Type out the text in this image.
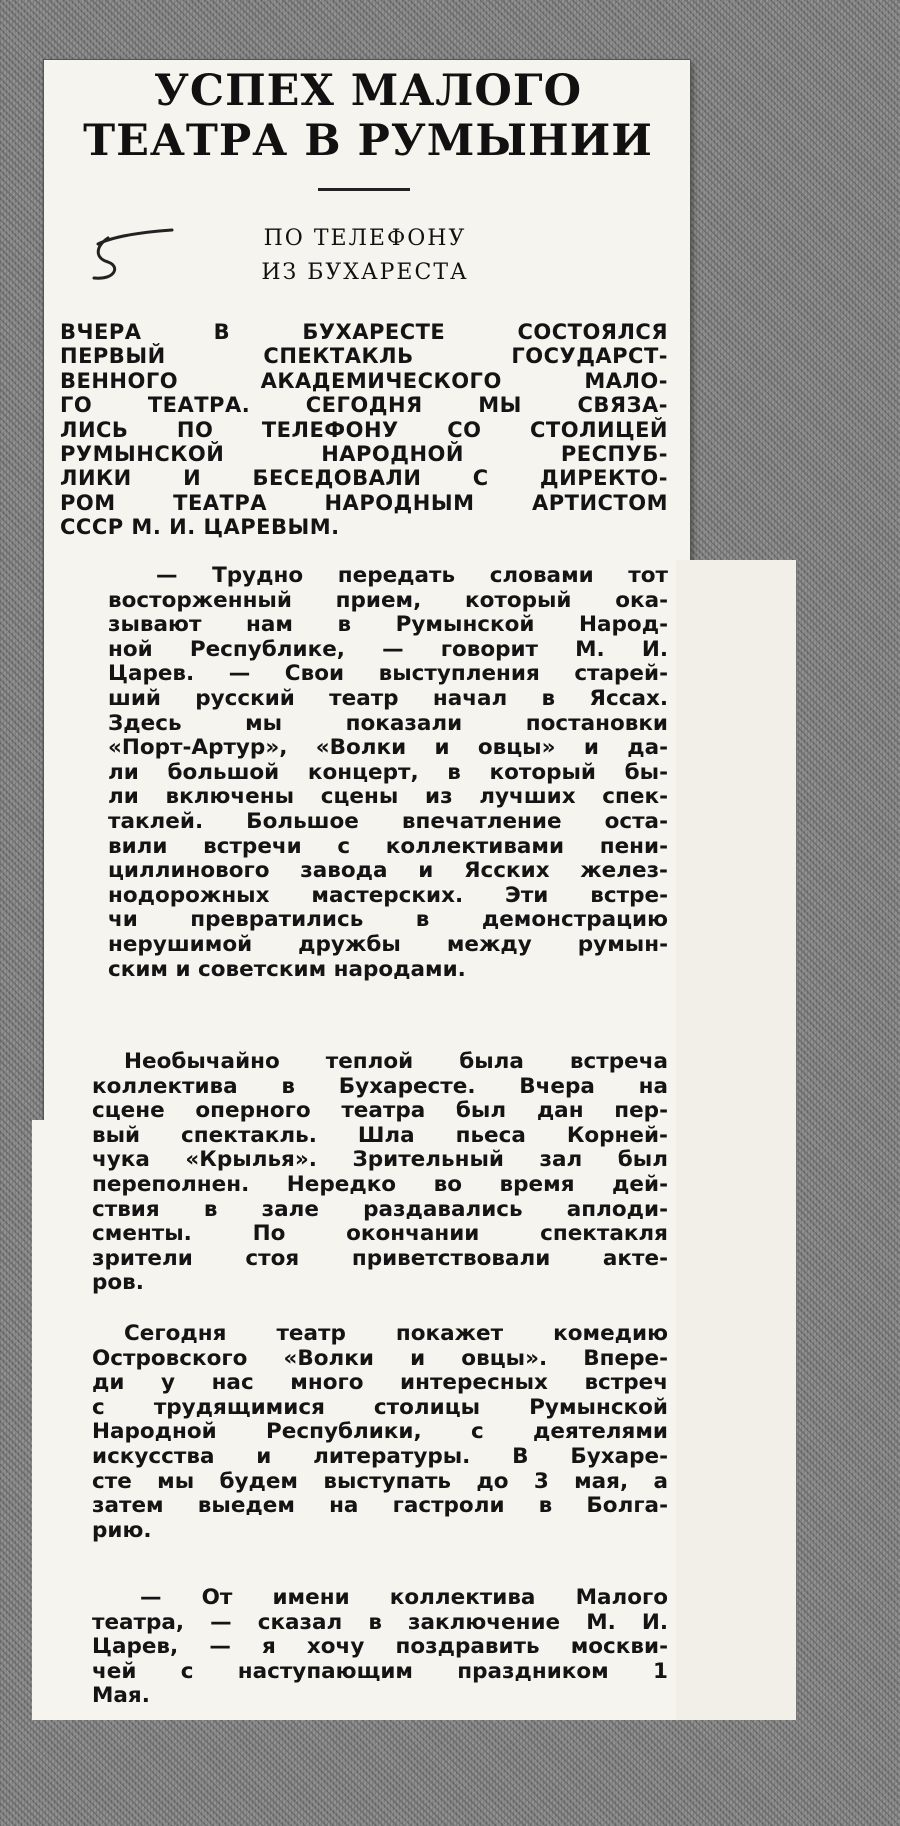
УСПЕХ МАЛОГО
ТЕАТРА В РУМЫНИИ
ПО ТЕЛЕФОНУ
ИЗ БУХАРЕСТА
ВЧЕРА В БУХАРЕСТЕ СОСТОЯЛСЯ
ПЕРВЫЙ СПЕКТАКЛЬ ГОСУДАРСТ-
ВЕННОГО АКАДЕМИЧЕСКОГО МАЛО-
ГО ТЕАТРА. СЕГОДНЯ МЫ СВЯЗА-
ЛИСЬ ПО ТЕЛЕФОНУ СО СТОЛИЦЕЙ
РУМЫНСКОЙ НАРОДНОЙ РЕСПУБ-
ЛИКИ И БЕСЕДОВАЛИ С ДИРЕКТО-
РОМ ТЕАТРА НАРОДНЫМ АРТИСТОМ
СССР М. И. ЦАРЕВЫМ.
— Трудно передать словами тот
восторженный прием, который ока-
зывают нам в Румынской Народ-
ной Республике, — говорит М. И.
Царев. — Свои выступления старей-
ший русский театр начал в Яссах.
Здесь мы показали постановки
«Порт-Артур», «Волки и овцы» и да-
ли большой концерт, в который бы-
ли включены сцены из лучших спек-
таклей. Большое впечатление оста-
вили встречи с коллективами пени-
циллинового завода и Ясских желез-
нодорожных мастерских. Эти встре-
чи превратились в демонстрацию
нерушимой дружбы между румын-
ским и советским народами.
Необычайно теплой была встреча
коллектива в Бухаресте. Вчера на
сцене оперного театра был дан пер-
вый спектакль. Шла пьеса Корней-
чука «Крылья». Зрительный зал был
переполнен. Нередко во время дей-
ствия в зале раздавались аплоди-
сменты. По окончании спектакля
зрители стоя приветствовали акте-
ров.
Сегодня театр покажет комедию
Островского «Волки и овцы». Впере-
ди у нас много интересных встреч
с трудящимися столицы Румынской
Народной Республики, с деятелями
искусства и литературы. В Бухаре-
сте мы будем выступать до 3 мая, а
затем выедем на гастроли в Болга-
рию.
— От имени коллектива Малого
театра, — сказал в заключение М. И.
Царев, — я хочу поздравить москви-
чей с наступающим праздником 1
Мая.
